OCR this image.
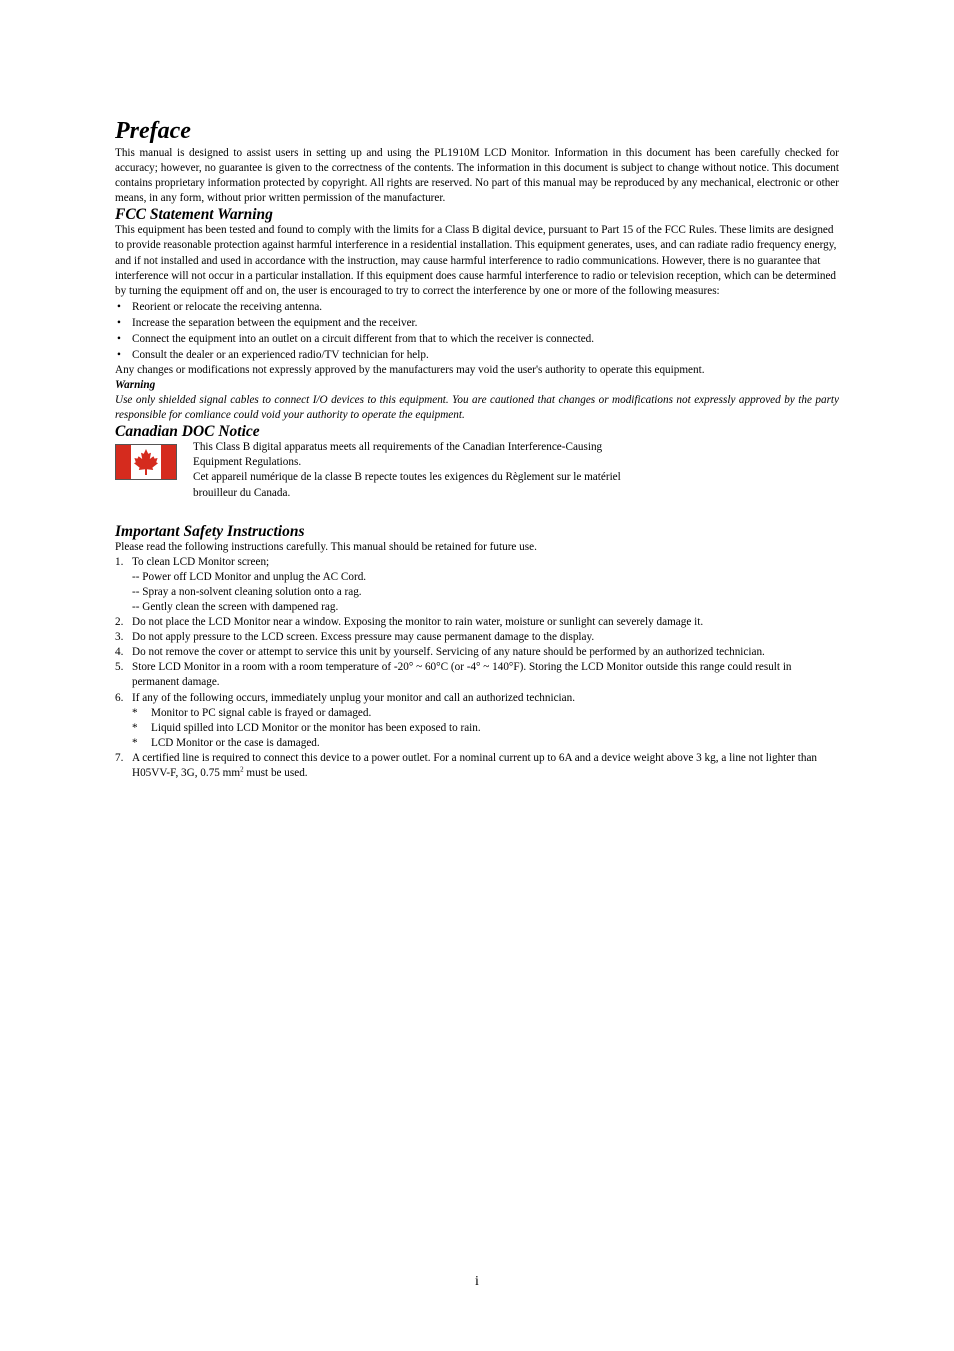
Preface

This manual is designed to assist users in setting up and using the PL1910M LCD Monitor. Information in this document has been carefully checked for accuracy; however, no guarantee is given to the correctness of the contents. The information in this document is subject to change without notice. This document contains proprietary information protected by copyright. All rights are reserved. No part of this manual may be reproduced by any mechanical, electronic or other means, in any form, without prior written permission of the manufacturer.

FCC Statement Warning

This equipment has been tested and found to comply with the limits for a Class B digital device, pursuant to Part 15 of the FCC Rules. These limits are designed to provide reasonable protection against harmful interference in a residential installation. This equipment generates, uses, and can radiate radio frequency energy, and if not installed and used in accordance with the instruction, may cause harmful interference to radio communications. However, there is no guarantee that interference will not occur in a particular installation. If this equipment does cause harmful interference to radio or television reception, which can be determined by turning the equipment off and on, the user is encouraged to try to correct the interference by one or more of the following measures:

• Reorient or relocate the receiving antenna.
• Increase the separation between the equipment and the receiver.
• Connect the equipment into an outlet on a circuit different from that to which the receiver is connected.
• Consult the dealer or an experienced radio/TV technician for help.

Any changes or modifications not expressly approved by the manufacturers may void the user's authority to operate this equipment.

Warning

Use only shielded signal cables to connect I/O devices to this equipment. You are cautioned that changes or modifications not expressly approved by the party responsible for comliance could void your authority to operate the equipment.

Canadian DOC Notice
This Class B digital apparatus meets all requirements of the Canadian Interference-Causing
Equipment Regulations.
Cet appareil numérique de la classe B repecte toutes les exigences du Règlement sur le matériel
brouilleur du Canada.
Important Safety Instructions

Please read the following instructions carefully. This manual should be retained for future use.

1. To clean LCD Monitor screen;
-- Power off LCD Monitor and unplug the AC Cord.
-- Spray a non-solvent cleaning solution onto a rag.
-- Gently clean the screen with dampened rag.
2. Do not place the LCD Monitor near a window. Exposing the monitor to rain water, moisture or sunlight can severely damage it.
3. Do not apply pressure to the LCD screen. Excess pressure may cause permanent damage to the display.
4. Do not remove the cover or attempt to service this unit by yourself. Servicing of any nature should be performed by an authorized technician.
5. Store LCD Monitor in a room with a room temperature of -20° ~ 60°C (or -4° ~ 140°F). Storing the LCD Monitor outside this range could result in permanent damage.
6. If any of the following occurs, immediately unplug your monitor and call an authorized technician.
* Monitor to PC signal cable is frayed or damaged.
* Liquid spilled into LCD Monitor or the monitor has been exposed to rain.
* LCD Monitor or the case is damaged.
7. A certified line is required to connect this device to a power outlet. For a nominal current up to 6A and a device weight above 3 kg, a line not lighter than H05VV-F, 3G, 0.75 $mm^2$ must be used.
i
